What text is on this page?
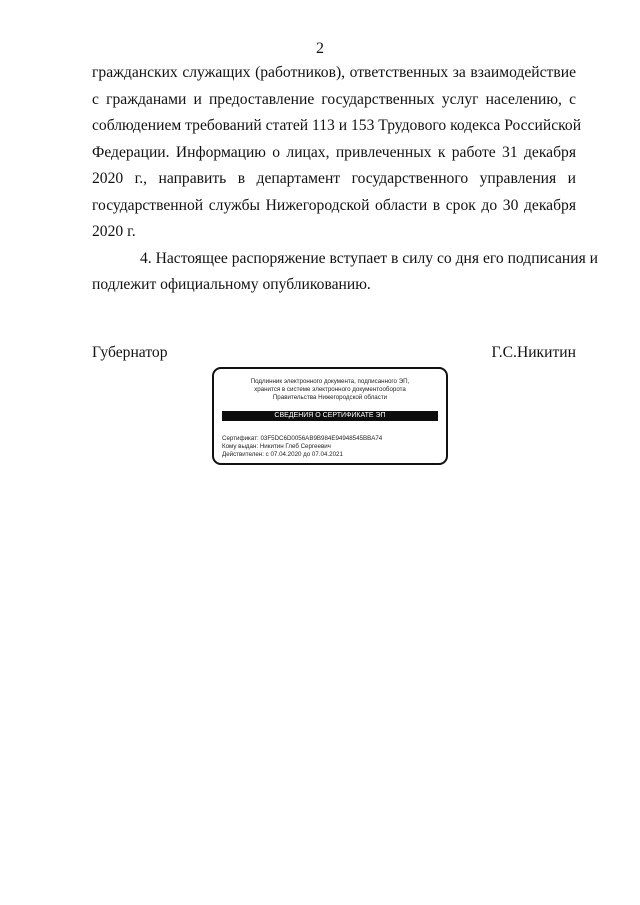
2
гражданских служащих (работников), ответственных за взаимодействие
с гражданами и предоставление государственных услуг населению, с
соблюдением требований статей 113 и 153 Трудового кодекса Российской
Федерации. Информацию о лицах, привлеченных к работе 31 декабря
2020 г., направить в департамент государственного управления и
государственной службы Нижегородской области в срок до 30 декабря
2020 г.
4. Настоящее распоряжение вступает в силу со дня его подписания и
подлежит официальному опубликованию.
Губернатор	Г.С.Никитин
Подлинник электронного документа, подписанного ЭП,
хранится в системе электронного документооборота
Правительства Нижегородской области
СВЕДЕНИЯ О СЕРТИФИКАТЕ ЭП
Сертификат: 03F5DC6D0056AB9B984E94948545BBA74
Кому выдан: Никитин Глеб Сергеевич
Действителен: с 07.04.2020 до 07.04.2021
